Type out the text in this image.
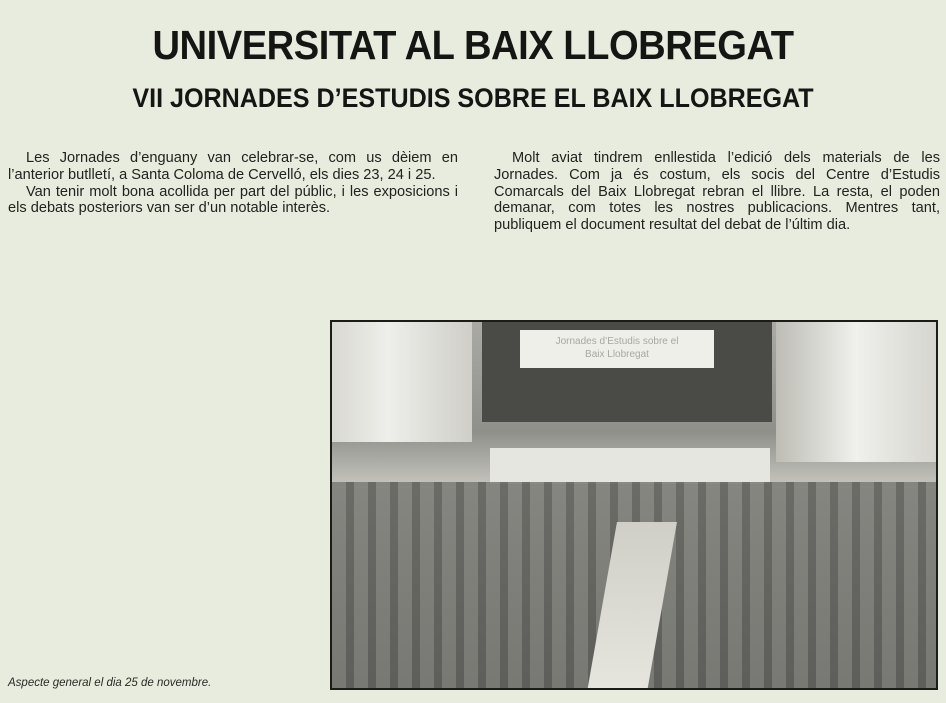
UNIVERSITAT AL BAIX LLOBREGAT
VII JORNADES D’ESTUDIS SOBRE EL BAIX LLOBREGAT

Les Jornades d’enguany van celebrar-se, com us dèiem en l’anterior butlletí, a Santa Coloma de Cervelló, els dies 23, 24 i 25.

Van tenir molt bona acollida per part del públic, i les exposicions i els debats posteriors van ser d’un notable interès.

Molt aviat tindrem enllestida l’edició dels materials de les Jornades. Com ja és costum, els socis del Centre d’Estudis Comarcals del Baix Llobregat rebran el llibre. La resta, el poden demanar, com totes les nostres publicacions. Mentres tant, publiquem el document resultat del debat de l’últim dia.

Jornades d’Estudis sobre el
Baix Llobregat
Aspecte general el dia 25 de novembre.
